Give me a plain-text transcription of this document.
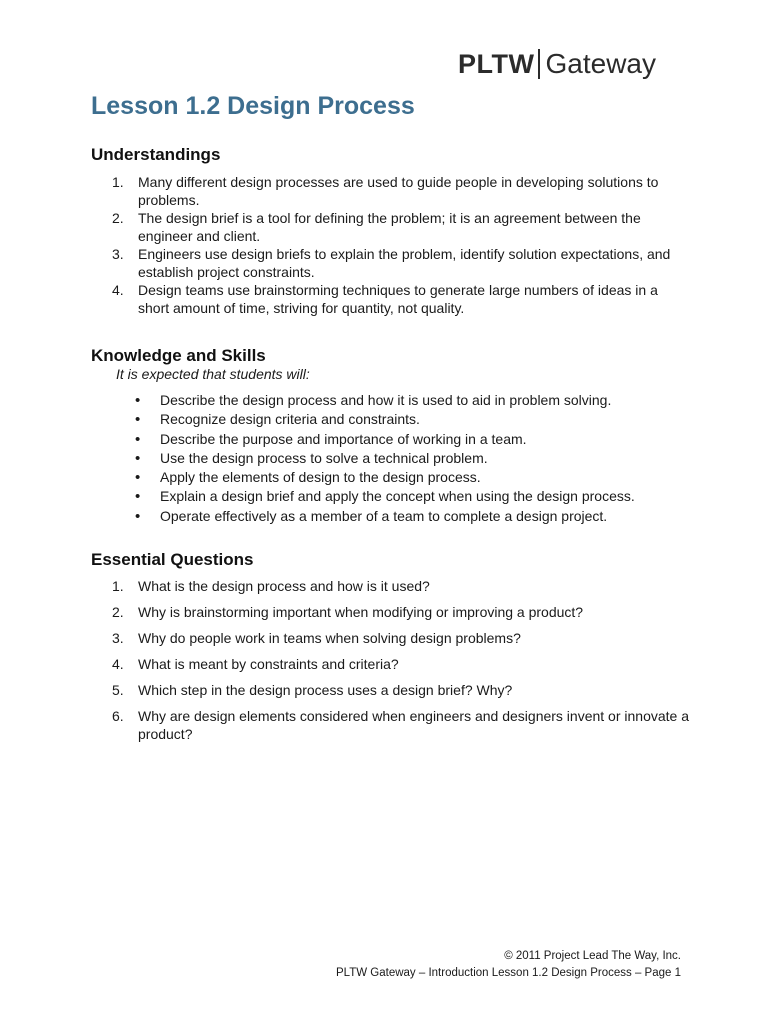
PLTW Gateway
Lesson 1.2 Design Process
Understandings
1. Many different design processes are used to guide people in developing solutions to problems.
2. The design brief is a tool for defining the problem; it is an agreement between the engineer and client.
3. Engineers use design briefs to explain the problem, identify solution expectations, and establish project constraints.
4. Design teams use brainstorming techniques to generate large numbers of ideas in a short amount of time, striving for quantity, not quality.
Knowledge and Skills

It is expected that students will:

• Describe the design process and how it is used to aid in problem solving.
• Recognize design criteria and constraints.
• Describe the purpose and importance of working in a team.
• Use the design process to solve a technical problem.
• Apply the elements of design to the design process.
• Explain a design brief and apply the concept when using the design process.
• Operate effectively as a member of a team to complete a design project.
Essential Questions
1. What is the design process and how is it used?
2. Why is brainstorming important when modifying or improving a product?
3. Why do people work in teams when solving design problems?
4. What is meant by constraints and criteria?
5. Which step in the design process uses a design brief? Why?
6. Why are design elements considered when engineers and designers invent or innovate a product?

© 2011 Project Lead The Way, Inc.

PLTW Gateway – Introduction Lesson 1.2 Design Process – Page 1
